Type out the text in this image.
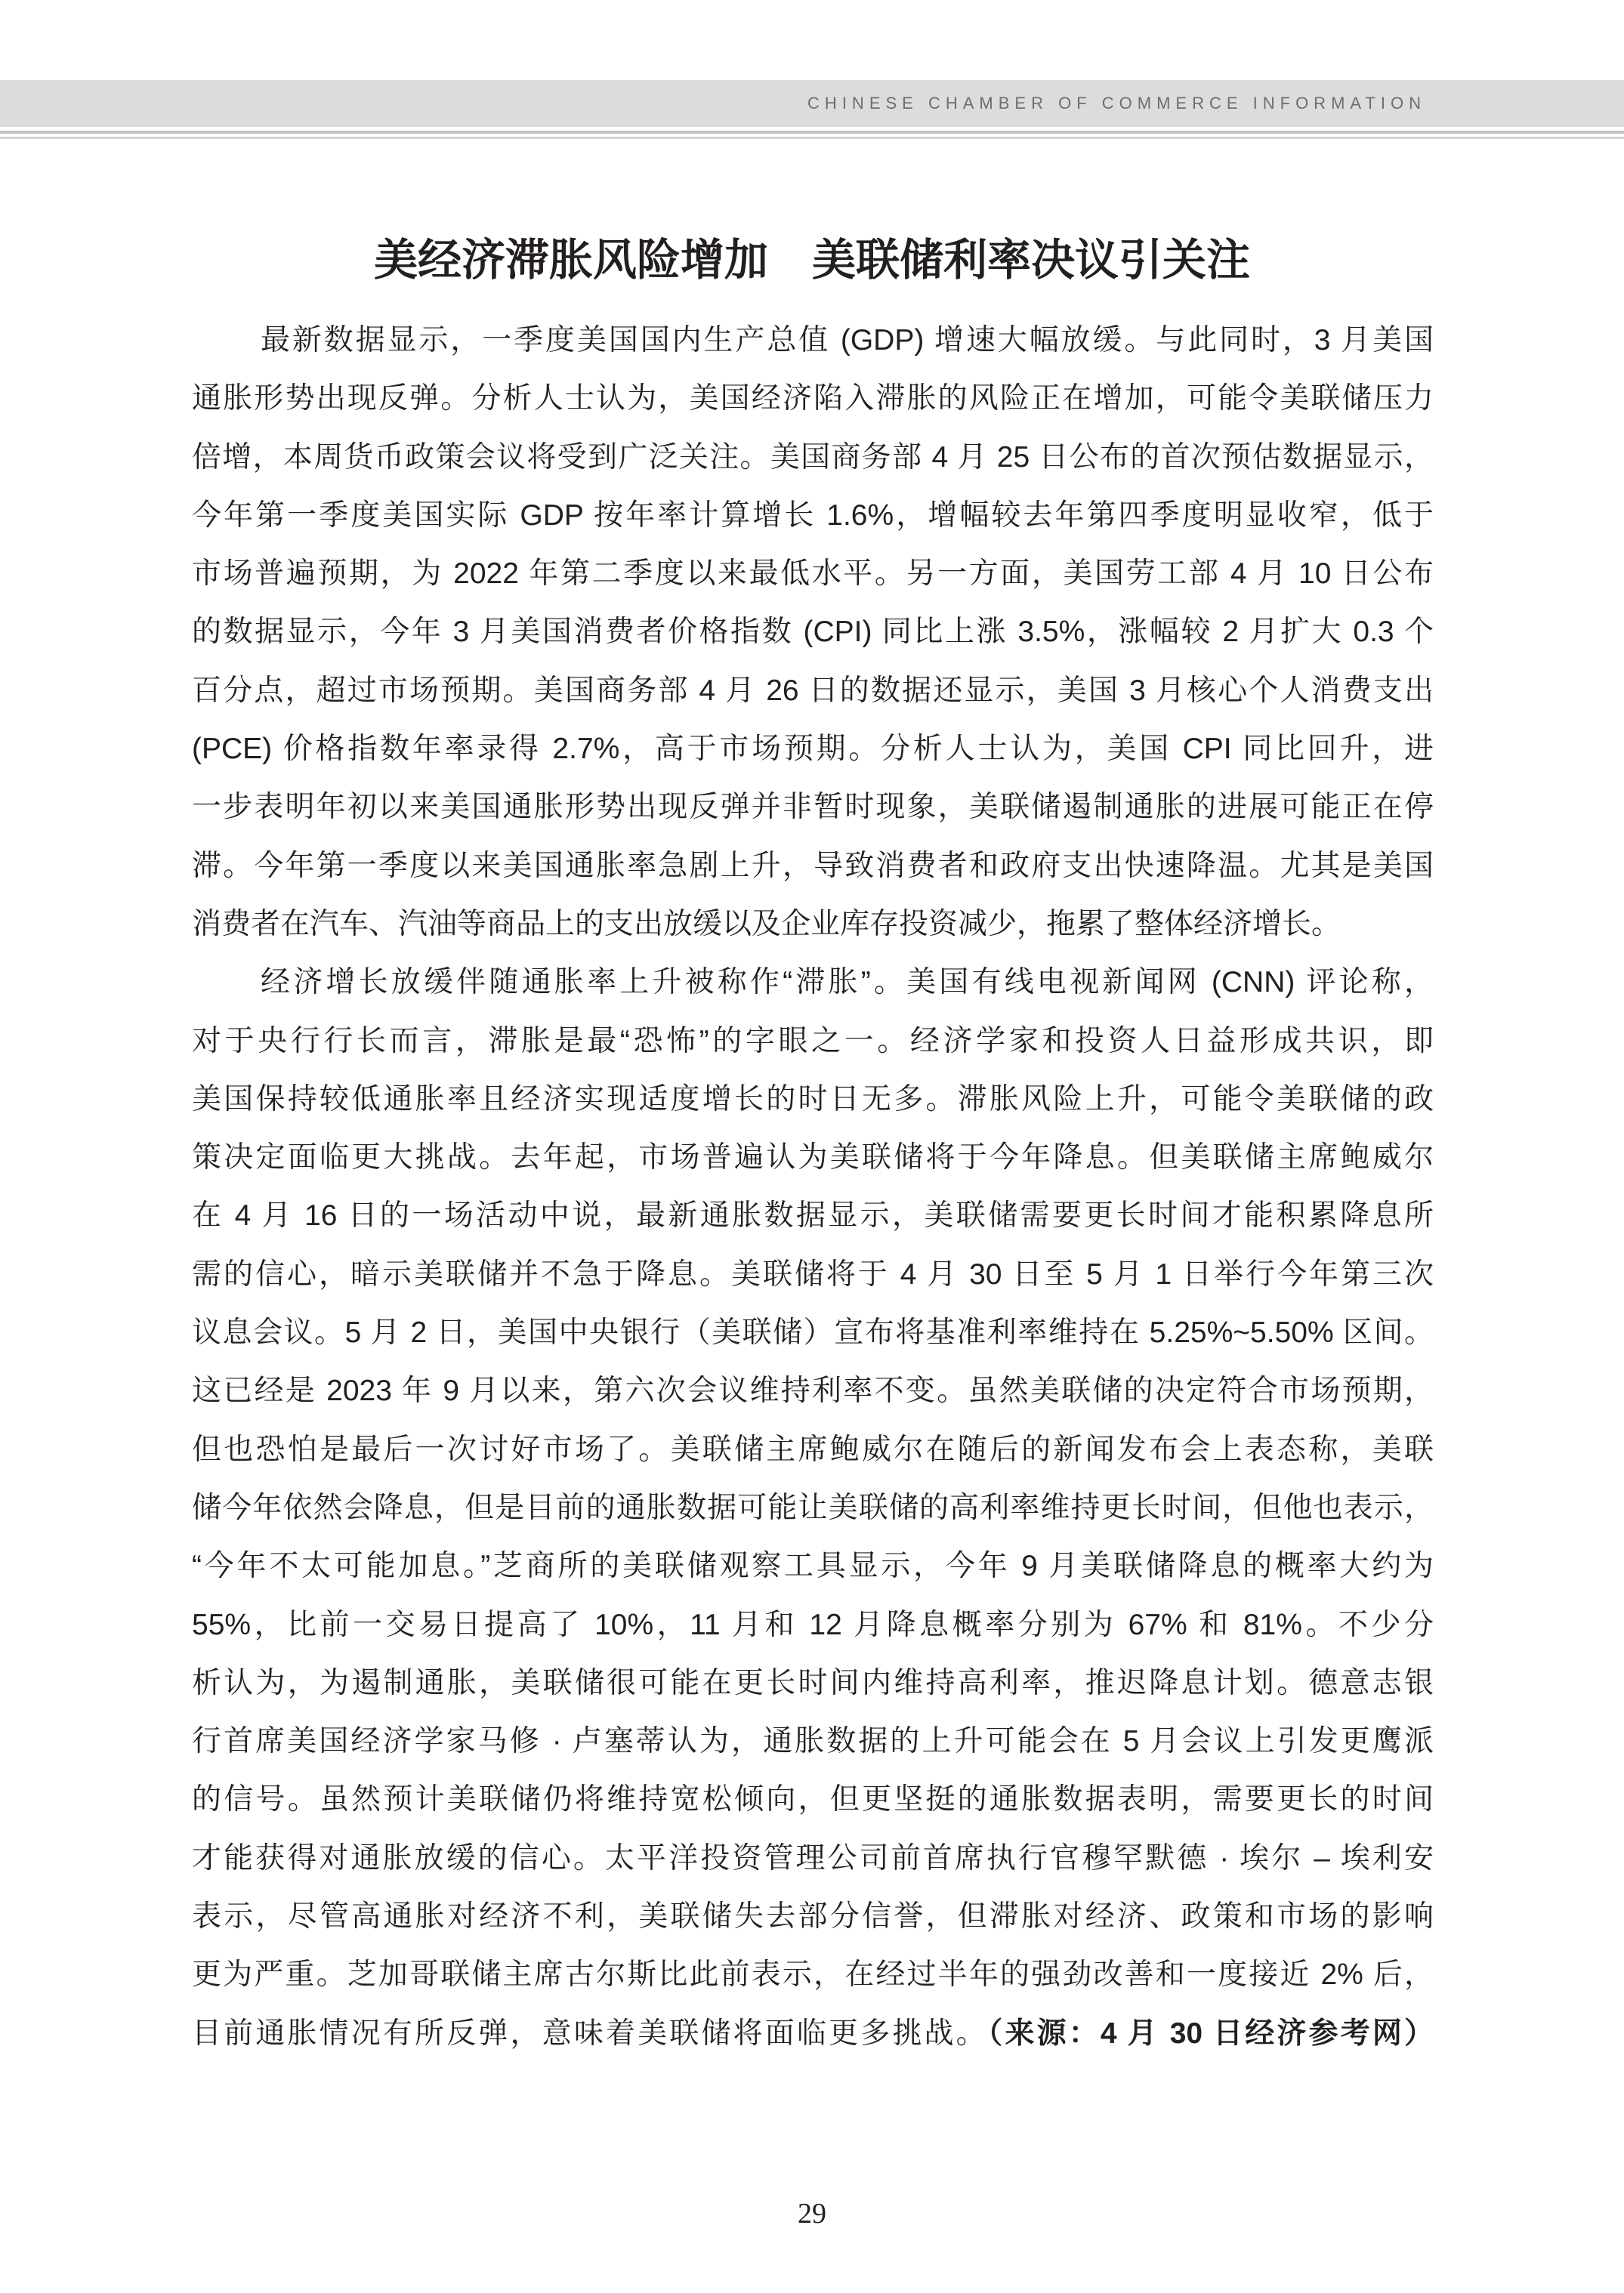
CHINESE CHAMBER OF COMMERCE INFORMATION
美经济滞胀风险增加　美联储利率决议引关注
最新数据显示，一季度美国国内生产总值 (GDP) 增速大幅放缓。与此同时，3 月美国
通胀形势出现反弹。分析人士认为，美国经济陷入滞胀的风险正在增加，可能令美联储压力
倍增，本周货币政策会议将受到广泛关注。美国商务部 4 月 25 日公布的首次预估数据显示，
今年第一季度美国实际 GDP 按年率计算增长 1.6%，增幅较去年第四季度明显收窄，低于
市场普遍预期，为 2022 年第二季度以来最低水平。另一方面，美国劳工部 4 月 10 日公布
的数据显示，今年 3 月美国消费者价格指数 (CPI) 同比上涨 3.5%，涨幅较 2 月扩大 0.3 个
百分点，超过市场预期。美国商务部 4 月 26 日的数据还显示，美国 3 月核心个人消费支出
(PCE) 价格指数年率录得 2.7%，高于市场预期。分析人士认为，美国 CPI 同比回升，进
一步表明年初以来美国通胀形势出现反弹并非暂时现象，美联储遏制通胀的进展可能正在停
滞。今年第一季度以来美国通胀率急剧上升，导致消费者和政府支出快速降温。尤其是美国
消费者在汽车、汽油等商品上的支出放缓以及企业库存投资减少，拖累了整体经济增长。
经济增长放缓伴随通胀率上升被称作“滞胀”。美国有线电视新闻网 (CNN) 评论称，
对于央行行长而言，滞胀是最“恐怖”的字眼之一。经济学家和投资人日益形成共识，即
美国保持较低通胀率且经济实现适度增长的时日无多。滞胀风险上升，可能令美联储的政
策决定面临更大挑战。去年起，市场普遍认为美联储将于今年降息。但美联储主席鲍威尔
在 4 月 16 日的一场活动中说，最新通胀数据显示，美联储需要更长时间才能积累降息所
需的信心，暗示美联储并不急于降息。美联储将于 4 月 30 日至 5 月 1 日举行今年第三次
议息会议。5 月 2 日，美国中央银行（美联储）宣布将基准利率维持在 5.25%~5.50% 区间。
这已经是 2023 年 9 月以来，第六次会议维持利率不变。虽然美联储的决定符合市场预期，
但也恐怕是最后一次讨好市场了。美联储主席鲍威尔在随后的新闻发布会上表态称，美联
储今年依然会降息，但是目前的通胀数据可能让美联储的高利率维持更长时间，但他也表示，
“今年不太可能加息。”芝商所的美联储观察工具显示，今年 9 月美联储降息的概率大约为
55%，比前一交易日提高了 10%，11 月和 12 月降息概率分别为 67% 和 81%。不少分
析认为，为遏制通胀，美联储很可能在更长时间内维持高利率，推迟降息计划。德意志银
行首席美国经济学家马修 · 卢塞蒂认为，通胀数据的上升可能会在 5 月会议上引发更鹰派
的信号。虽然预计美联储仍将维持宽松倾向，但更坚挺的通胀数据表明，需要更长的时间
才能获得对通胀放缓的信心。太平洋投资管理公司前首席执行官穆罕默德 · 埃尔 – 埃利安
表示，尽管高通胀对经济不利，美联储失去部分信誉，但滞胀对经济、政策和市场的影响
更为严重。芝加哥联储主席古尔斯比此前表示，在经过半年的强劲改善和一度接近 2% 后，
目前通胀情况有所反弹，意味着美联储将面临更多挑战。（来源：4 月 30 日经济参考网）
29
